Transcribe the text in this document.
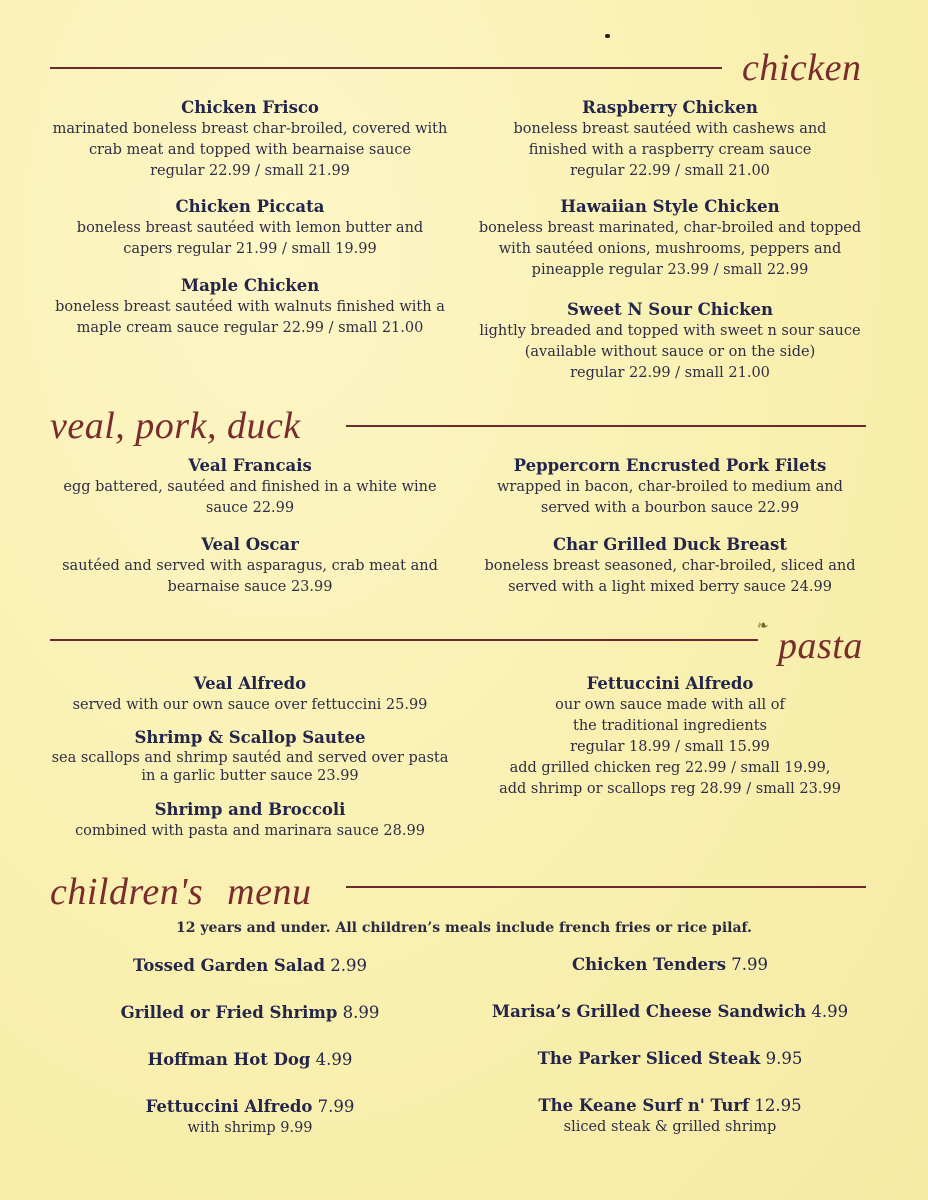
chicken
Chicken Frisco
marinated boneless breast char-broiled, covered with
crab meat and topped with bearnaise sauce
regular 22.99 / small 21.99
Chicken Piccata
boneless breast sautéed with lemon butter and
capers regular 21.99 / small 19.99
Maple Chicken
boneless breast sautéed with walnuts finished with a
maple cream sauce regular 22.99 / small 21.00
Raspberry Chicken
boneless breast sautéed with cashews and
finished with a raspberry cream sauce
regular 22.99 / small 21.00
Hawaiian Style Chicken
boneless breast marinated, char-broiled and topped
with sautéed onions, mushrooms, peppers and
pineapple regular 23.99 / small 22.99
Sweet N Sour Chicken
lightly breaded and topped with sweet n sour sauce
(available without sauce or on the side)
regular 22.99 / small 21.00
veal, pork, duck
Veal Francais
egg battered, sautéed and finished in a white wine
sauce 22.99
Veal Oscar
sautéed and served with asparagus, crab meat and
bearnaise sauce 23.99
Peppercorn Encrusted Pork Filets
wrapped in bacon, char-broiled to medium and
served with a bourbon sauce 22.99
Char Grilled Duck Breast
boneless breast seasoned, char-broiled, sliced and
served with a light mixed berry sauce 24.99
❧ pasta
Veal Alfredo
served with our own sauce over fettuccini 25.99
Shrimp & Scallop Sautee
sea scallops and shrimp sautéd and served over pasta
in a garlic butter sauce 23.99
Shrimp and Broccoli
combined with pasta and marinara sauce 28.99
Fettuccini Alfredo
our own sauce made with all of
the traditional ingredients
regular 18.99 / small 15.99
add grilled chicken reg 22.99 / small 19.99,
add shrimp or scallops reg 28.99 / small 23.99
children's menu
12 years and under. All children’s meals include french fries or rice pilaf.
Tossed Garden Salad 2.99
Grilled or Fried Shrimp 8.99
Hoffman Hot Dog 4.99
Fettuccini Alfredo 7.99
with shrimp 9.99
Chicken Tenders 7.99
Marisa’s Grilled Cheese Sandwich 4.99
The Parker Sliced Steak 9.95
The Keane Surf n' Turf 12.95
sliced steak & grilled shrimp
